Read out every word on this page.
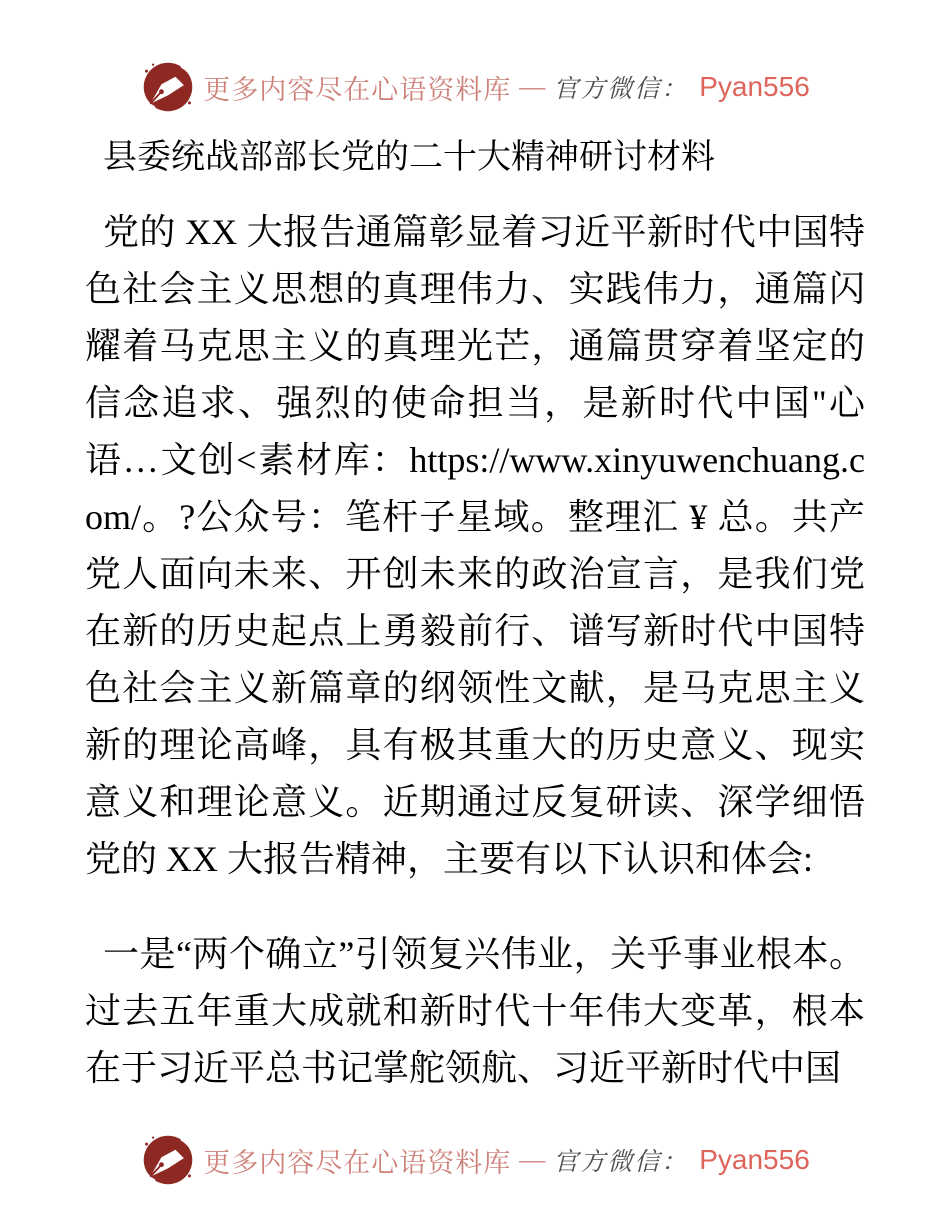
更多内容尽在心语资料库 — 官方微信： Pyan556
县委统战部部长党的二十大精神研讨材料

党的 XX 大报告通篇彰显着习近平新时代中国特色社会主义思想的真理伟力、实践伟力，通篇闪耀着马克思主义的真理光芒，通篇贯穿着坚定的信念追求、强烈的使命担当，是新时代中国"心语…文创<素材库：https://www.xinyuwenchuang.com/。?公众号：笔杆子星域。整理汇 ¥ 总。共产党人面向未来、开创未来的政治宣言，是我们党在新的历史起点上勇毅前行、谱写新时代中国特色社会主义新篇章的纲领性文献，是马克思主义新的理论高峰，具有极其重大的历史意义、现实意义和理论意义。近期通过反复研读、深学细悟党的 XX 大报告精神，主要有以下认识和体会:

一是“两个确立”引领复兴伟业，关乎事业根本。过去五年重大成就和新时代十年伟大变革，根本在于习近平总书记掌舵领航、习近平新时代中国

更多内容尽在心语资料库 — 官方微信： Pyan556
